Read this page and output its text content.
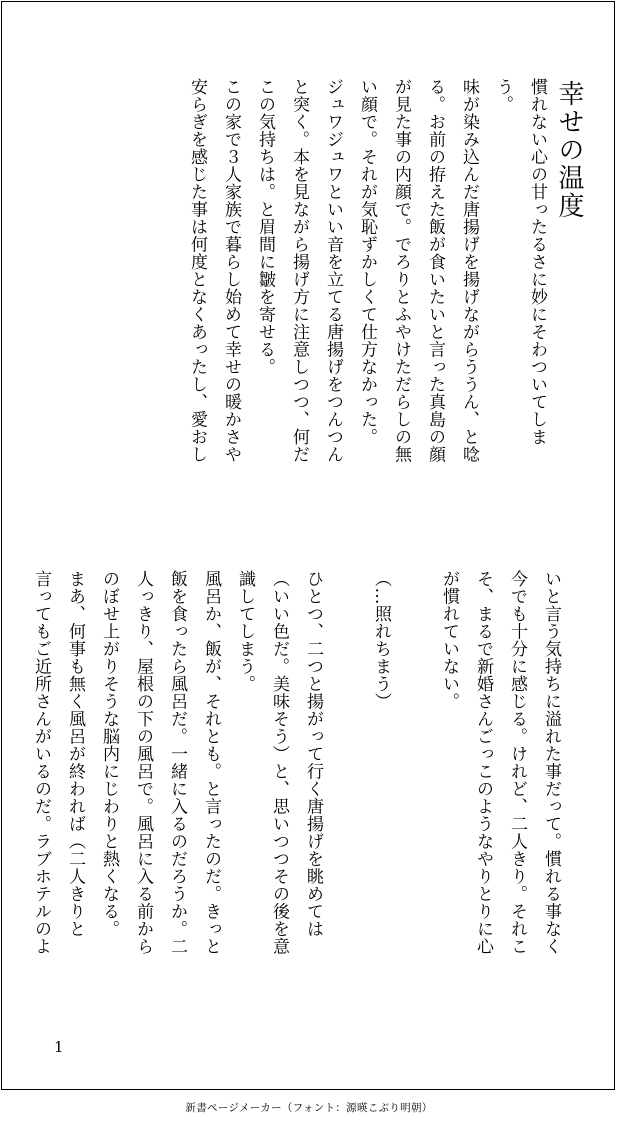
幸せの温度
慣れない心の甘ったるさに妙にそわついてしま
う。
味が染み込んだ唐揚げを揚げながらううん、と唸
る。お前の拵えた飯が食いたいと言った真島の顔
が見た事の内顔で。でろりとふやけただらしの無
い顔で。それが気恥ずかしくて仕方なかった。
ジュワジュワといい音を立てる唐揚げをつんつん
と突く。本を見ながら揚げ方に注意しつつ、何だ
この気持ちは。と眉間に皺を寄せる。
この家で３人家族で暮らし始めて幸せの暖かさや
安らぎを感じた事は何度となくあったし、愛おし
いと言う気持ちに溢れた事だって。慣れる事なく
今でも十分に感じる。けれど、二人きり。それこ
そ、まるで新婚さんごっこのようなやりとりに心
が慣れていない。

（…照れちまう）

ひとつ、二つと揚がって行く唐揚げを眺めては
（いい色だ。美味そう）と、思いつつその後を意
識してしまう。
風呂か、飯が、それとも。と言ったのだ。きっと
飯を食ったら風呂だ。一緒に入るのだろうか。二
人っきり、屋根の下の風呂で。風呂に入る前から
のぼせ上がりそうな脳内にじわりと熱くなる。
まあ、何事も無く風呂が終われば（二人きりと
言ってもご近所さんがいるのだ。ラブホテルのよ
1
新書ページメーカー（フォント：源暎こぶり明朝）
